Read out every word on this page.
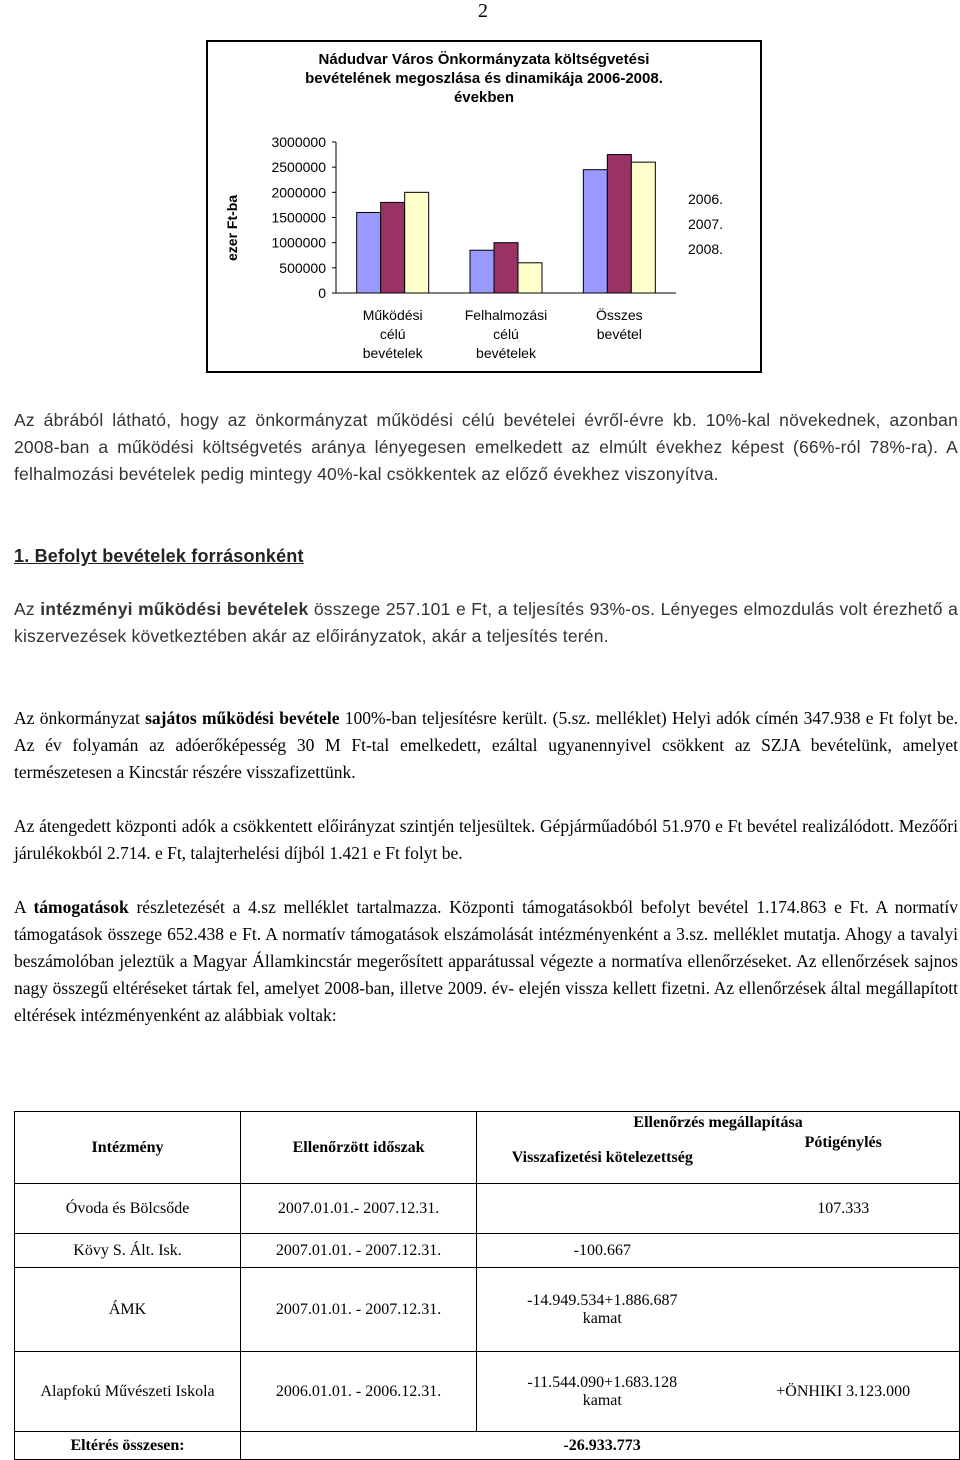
2
Nádudvar Város Önkormányzata költségvetési
bevételének megoszlása és dinamikája 2006-2008.
években
ezer Ft-ba
3000000
2500000
2000000
1500000
1000000
500000
0
Működési
célú
bevételek
Felhalmozási
célú
bevételek
Összes
bevétel
2006.
2007.
2008.

Az ábrából látható, hogy az önkormányzat működési célú bevételei évről-évre kb. 10%-kal növekednek, azonban 2008-ban a működési költségvetés aránya lényegesen emelkedett az elmúlt évekhez képest (66%-ról 78%-ra). A felhalmozási bevételek pedig mintegy 40%-kal csökkentek az előző évekhez viszonyítva.

1. Befolyt bevételek forrásonként

Az intézményi működési bevételek összege 257.101 e Ft, a teljesítés 93%-os. Lényeges elmozdulás volt érezhető a kiszervezések következtében akár az előirányzatok, akár a teljesítés terén.

Az önkormányzat sajátos működési bevétele 100%-ban teljesítésre került. (5.sz. melléklet) Helyi adók címén 347.938 e Ft folyt be. Az év folyamán az adóerőképesség 30 M Ft-tal emelkedett, ezáltal ugyanennyivel csökkent az SZJA bevételünk, amelyet természetesen a Kincstár részére visszafizettünk.

Az átengedett központi adók a csökkentett előirányzat szintjén teljesültek. Gépjárműadóból 51.970 e Ft bevétel realizálódott. Mezőőri járulékokból 2.714. e Ft, talajterhelési díjból 1.421 e Ft folyt be.

A támogatások részletezését a 4.sz melléklet tartalmazza. Központi támogatásokból befolyt bevétel 1.174.863 e Ft. A normatív támogatások összege 652.438 e Ft. A normatív támogatások elszámolását intézményenként a 3.sz. melléklet mutatja. Ahogy a tavalyi beszámolóban jeleztük a Magyar Államkincstár megerősített apparátussal végezte a normatíva ellenőrzéseket. Az ellenőrzések sajnos nagy összegű eltéréseket tártak fel, amelyet 2008-ban, illetve 2009. év- elején vissza kellett fizetni. Az ellenőrzések által megállapított eltérések intézményenként az alábbiak voltak:

Intézmény	Ellenőrzött időszak	Ellenőrzés megállapítása	
		Visszafizetési kötelezettség	Pótigénylés
Óvoda és Bölcsőde	2007.01.01.- 2007.12.31.		107.333
Kövy S. Ált. Isk.	2007.01.01. - 2007.12.31.	-100.667	
ÁMK	2007.01.01. - 2007.12.31.	-14.949.534+1.886.687 kamat	
Alapfokú Művészeti Iskola	2006.01.01. - 2006.12.31.	-11.544.090+1.683.128 kamat	+ÖNHIKI 3.123.000
Eltérés összesen:		-26.933.773	
